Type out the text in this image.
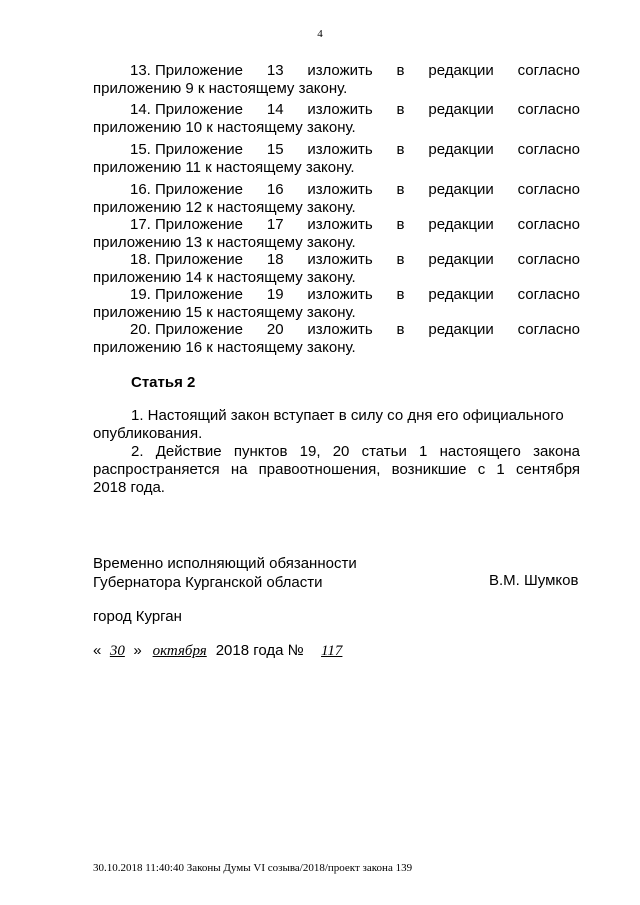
4
13. Приложение 13 изложить в редакции согласно
приложению 9 к настоящему закону.
14. Приложение 14 изложить в редакции согласно
приложению 10 к настоящему закону.
15. Приложение 15 изложить в редакции согласно
приложению 11 к настоящему закону.
16. Приложение 16 изложить в редакции согласно
приложению 12 к настоящему закону.
17. Приложение 17 изложить в редакции согласно
приложению 13 к настоящему закону.
18. Приложение 18 изложить в редакции согласно
приложению 14 к настоящему закону.
19. Приложение 19 изложить в редакции согласно
приложению 15 к настоящему закону.
20. Приложение 20 изложить в редакции согласно
приложению 16 к настоящему закону.
Статья 2
1. Настоящий закон вступает в силу со дня его официального
опубликования.
2. Действие пунктов 19, 20 статьи 1 настоящего закона
распространяется на правоотношения, возникшие с 1 сентября
2018 года.
Временно исполняющий обязанности
Губернатора Курганской области	В.М. Шумков
город Курган
« 30 » октября 2018 года №	117
30.10.2018 11:40:40 Законы Думы VI созыва/2018/проект закона 139
